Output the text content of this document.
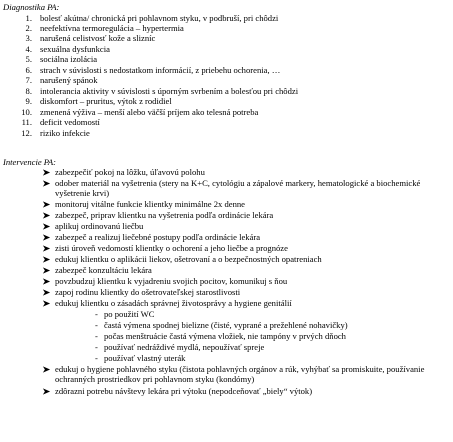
Diagnostika PA:
1. bolesť akútna/ chronická pri pohlavnom styku, v podbruší, pri chôdzi
2. neefektívna termoregulácia – hypertermia
3. narušená celistvosť kože a slizníc
4. sexuálna dysfunkcia
5. sociálna izolácia
6. strach v súvislosti s nedostatkom informácií, z priebehu ochorenia, …
7. narušený spánok
8. intolerancia aktivity v súvislosti s úporným svrbením a bolesťou pri chôdzi
9. diskomfort – pruritus, výtok z rodidiel
10. zmenená výživa – menší alebo väčší príjem ako telesná potreba
11. deficit vedomostí
12. riziko infekcie
Intervencie PA:
zabezpečiť pokoj na lôžku, úľavovú polohu
odober materiál na vyšetrenia (stery na K+C, cytológiu a zápalové markery, hematologické a biochemické vyšetrenie krvi)
monitoruj vitálne funkcie klientky minimálne 2x denne
zabezpeč, priprav klientku na vyšetrenia podľa ordinácie lekára
aplikuj ordinovanú liečbu
zabezpeč a realizuj liečebné postupy podľa ordinácie lekára
zisti úroveň vedomostí klientky o ochorení a jeho liečbe a prognóze
edukuj klientku o aplikácii liekov, ošetrovaní a o bezpečnostných opatreniach
zabezpeč konzultáciu lekára
povzbudzuj klientku k vyjadreniu svojich pocitov, komunikuj s ňou
zapoj rodinu klientky do ošetrovateľskej starostlivosti
edukuj klientku o zásadách správnej životosprávy a hygiene genitálií
- po použití WC
- častá výmena spodnej bielizne (čisté, vyprané a prežehlené nohavičky)
- počas menštruácie častá výmena vložiek, nie tampóny v prvých dňoch
- používať nedráždivé mydlá, nepoužívať spreje
- používať vlastný uterák
edukuj o hygiene pohlavného styku (čistota pohlavných orgánov a rúk, vyhýbať sa promiskuite, používanie ochranných prostriedkov pri pohlavnom styku (kondómy)
zdôrazni potrebu návštevy lekára pri výtoku (nepodceňovať „biely“ výtok)
